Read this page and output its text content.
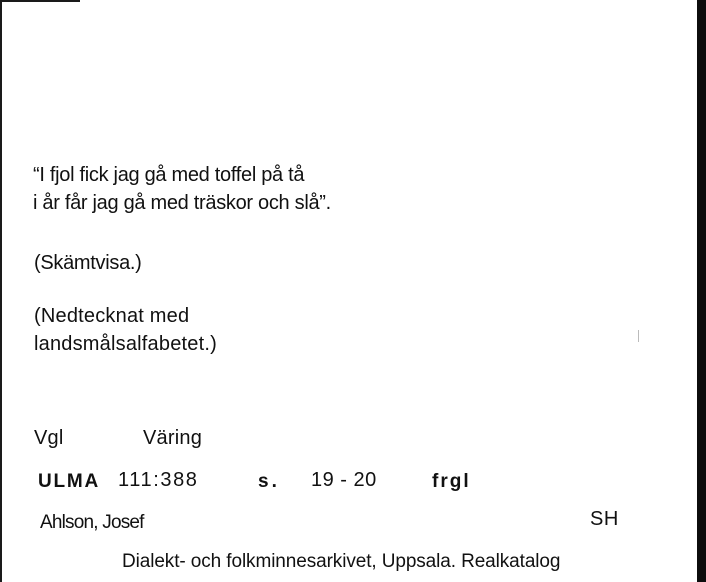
“I fjol fick jag gå med toffel på tå
i år får jag gå med träskor och slå”.

(Skämtvisa.)

(Nedtecknat med
landsmålsalfabetet.)

Vgl	Väring

ULMA 111:388	s. 19 - 20	frgl

Ahlson, Josef	SH

Dialekt- och folkminnesarkivet, Uppsala. Realkatalog
